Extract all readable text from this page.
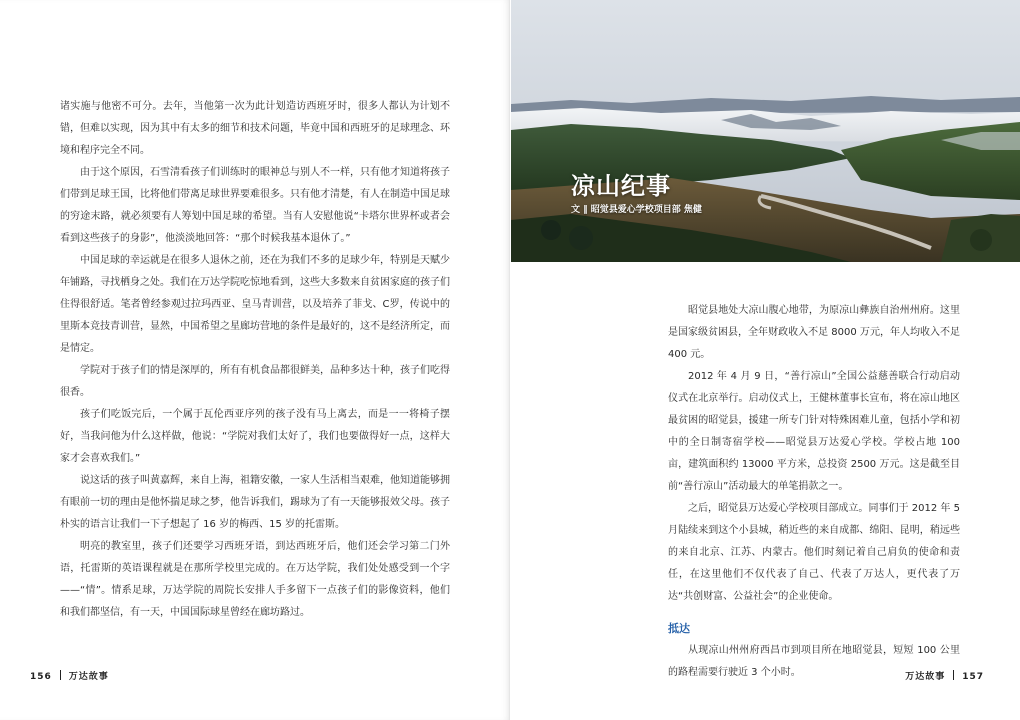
诸实施与他密不可分。去年，当他第一次为此计划造访西班牙时，很多人都认为计划不错，但难以实现，因为其中有太多的细节和技术问题，毕竟中国和西班牙的足球理念、环境和程序完全不同。

由于这个原因，石雪清看孩子们训练时的眼神总与别人不一样，只有他才知道将孩子们带到足球王国，比将他们带离足球世界要难很多。只有他才清楚，有人在制造中国足球的穷途末路，就必须要有人筹划中国足球的希望。当有人安慰他说“卡塔尔世界杯或者会看到这些孩子的身影”，他淡淡地回答：“那个时候我基本退休了。”

中国足球的幸运就是在很多人退休之前，还在为我们不多的足球少年，特别是天赋少年铺路，寻找栖身之处。我们在万达学院吃惊地看到，这些大多数来自贫困家庭的孩子们住得很舒适。笔者曾经参观过拉玛西亚、皇马青训营，以及培养了菲戈、C罗，传说中的里斯本竞技青训营，显然，中国希望之星廊坊营地的条件是最好的，这不是经济所定，而是情定。

学院对于孩子们的情是深厚的，所有有机食品都很鲜美，品种多达十种，孩子们吃得很香。

孩子们吃饭完后，一个属于瓦伦西亚序列的孩子没有马上离去，而是一一将椅子摆好，当我问他为什么这样做，他说：“学院对我们太好了，我们也要做得好一点，这样大家才会喜欢我们。”

说这话的孩子叫黄嘉辉，来自上海，祖籍安徽，一家人生活相当艰难，他知道能够拥有眼前一切的理由是他怀揣足球之梦，他告诉我们，踢球为了有一天能够报效父母。孩子朴实的语言让我们一下子想起了 16 岁的梅西、15 岁的托雷斯。

明亮的教室里，孩子们还要学习西班牙语，到达西班牙后，他们还会学习第二门外语，托雷斯的英语课程就是在那所学校里完成的。在万达学院，我们处处感受到一个字——“情”。情系足球，万达学院的周院长安排人手多留下一点孩子们的影像资料，他们和我们都坚信，有一天，中国国际球星曾经在廊坊路过。

156 万达故事

昭觉县地处大凉山腹心地带，为原凉山彝族自治州州府。这里是国家级贫困县，全年财政收入不足 8000 万元，年人均收入不足 400 元。

2012 年 4 月 9 日，“善行凉山”全国公益慈善联合行动启动仪式在北京举行。启动仪式上，王健林董事长宣布，将在凉山地区最贫困的昭觉县，援建一所专门针对特殊困难儿童，包括小学和初中的全日制寄宿学校——昭觉县万达爱心学校。学校占地 100 亩，建筑面积约 13000 平方米，总投资 2500 万元。这是截至目前“善行凉山”活动最大的单笔捐款之一。

之后，昭觉县万达爱心学校项目部成立。同事们于 2012 年 5 月陆续来到这个小县城，稍近些的来自成都、绵阳、昆明，稍远些的来自北京、江苏、内蒙古。他们时刻记着自己肩负的使命和责任，在这里他们不仅代表了自己、代表了万达人，更代表了万达“共创财富、公益社会”的企业使命。

抵达

从现凉山州州府西昌市到项目所在地昭觉县，短短 100 公里的路程需要行驶近 3 个小时。	万达故事 157
凉山纪事
文 ‖ 昭觉县爱心学校项目部 焦健
